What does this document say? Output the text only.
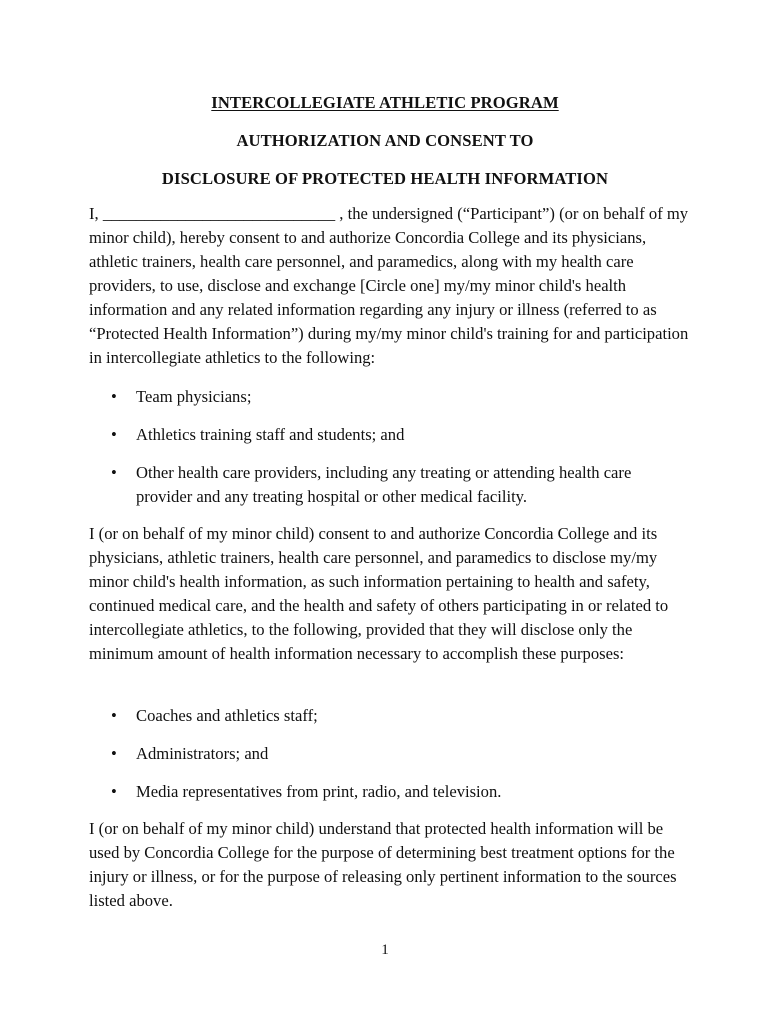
INTERCOLLEGIATE ATHLETIC PROGRAM
AUTHORIZATION AND CONSENT TO
DISCLOSURE OF PROTECTED HEALTH INFORMATION

I, ____________________________ , the undersigned (“Participant”) (or on behalf of my minor child), hereby consent to and authorize Concordia College and its physicians, athletic trainers, health care personnel, and paramedics, along with my health care providers, to use, disclose and exchange [Circle one] my/my minor child's health information and any related information regarding any injury or illness (referred to as “Protected Health Information”) during my/my minor child's training for and participation in intercollegiate athletics to the following:

• Team physicians;
• Athletics training staff and students; and
• Other health care providers, including any treating or attending health care provider and any treating hospital or other medical facility.

I (or on behalf of my minor child) consent to and authorize Concordia College and its physicians, athletic trainers, health care personnel, and paramedics to disclose my/my minor child's health information, as such information pertaining to health and safety, continued medical care, and the health and safety of others participating in or related to intercollegiate athletics, to the following, provided that they will disclose only the minimum amount of health information necessary to accomplish these purposes:

• Coaches and athletics staff;
• Administrators; and
• Media representatives from print, radio, and television.

I (or on behalf of my minor child) understand that protected health information will be used by Concordia College for the purpose of determining best treatment options for the injury or illness, or for the purpose of releasing only pertinent information to the sources listed above.

1
